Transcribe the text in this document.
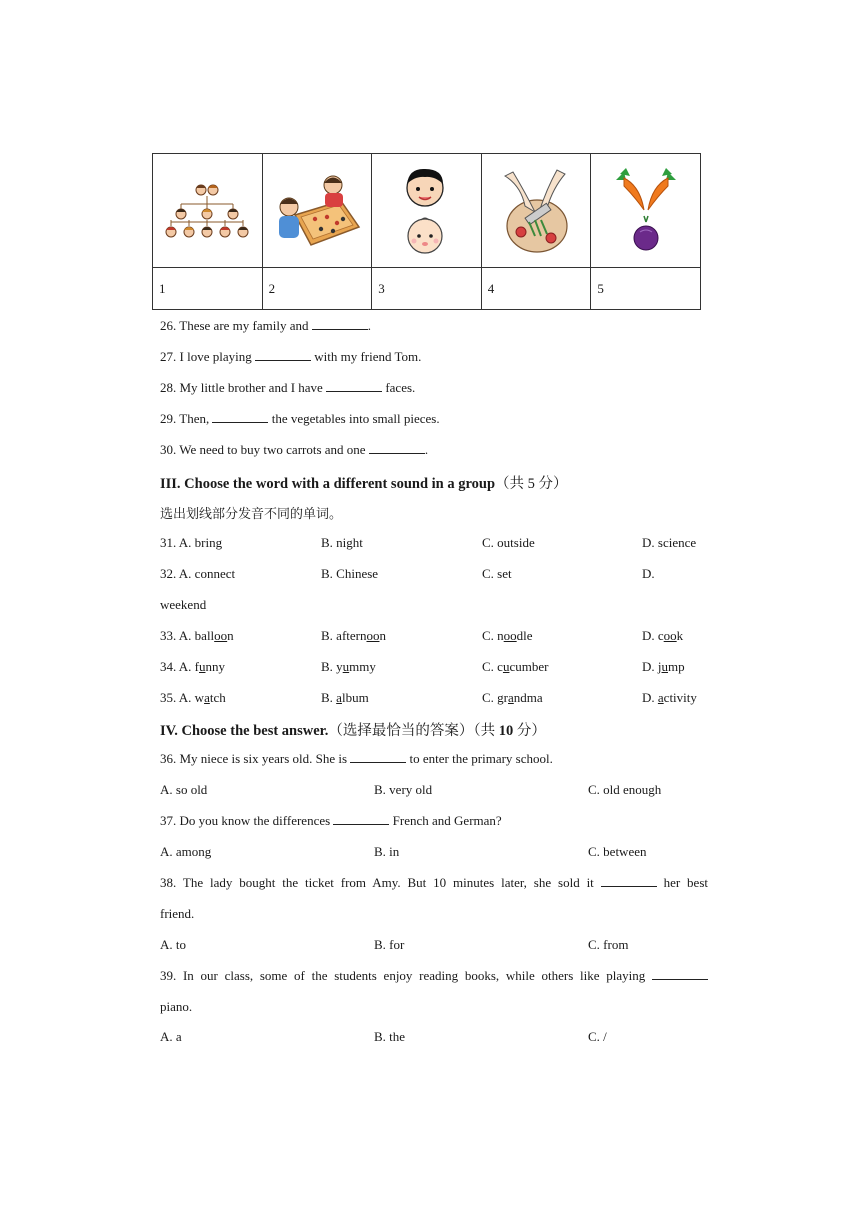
1	2	3	4	5
26. These are my family and	.
27. I love playing	with my friend Tom.
28. My little brother and I have	faces.
29. Then,	the vegetables into small pieces.
30. We need to buy two carrots and one	.
III. Choose the word with a different sound in a group（共 5 分）
选出划线部分发音不同的单词。
31. A. bring	B. night	C. outside	D. science
32. A. connect	B. Chinese	C. set	D.
weekend
33. A. balloon	B. afternoon	C. noodle	D. cook
34. A. funny	B. yummy	C. cucumber	D. jump
35. A. watch	B. album	C. grandma	D. activity
IV. Choose the best answer.（选择最恰当的答案）（共 10 分）
36. My niece is six years old. She is	to enter the primary school.
A. so old	B. very old	C. old enough
37. Do you know the differences	French and German?
A. among	B. in	C. between
38. The lady bought the ticket from Amy. But 10 minutes later, she sold it	her best
friend.
A. to	B. for	C. from
39. In our class, some of the students enjoy reading books, while others like playing
piano.
A. a	B. the	C. /
